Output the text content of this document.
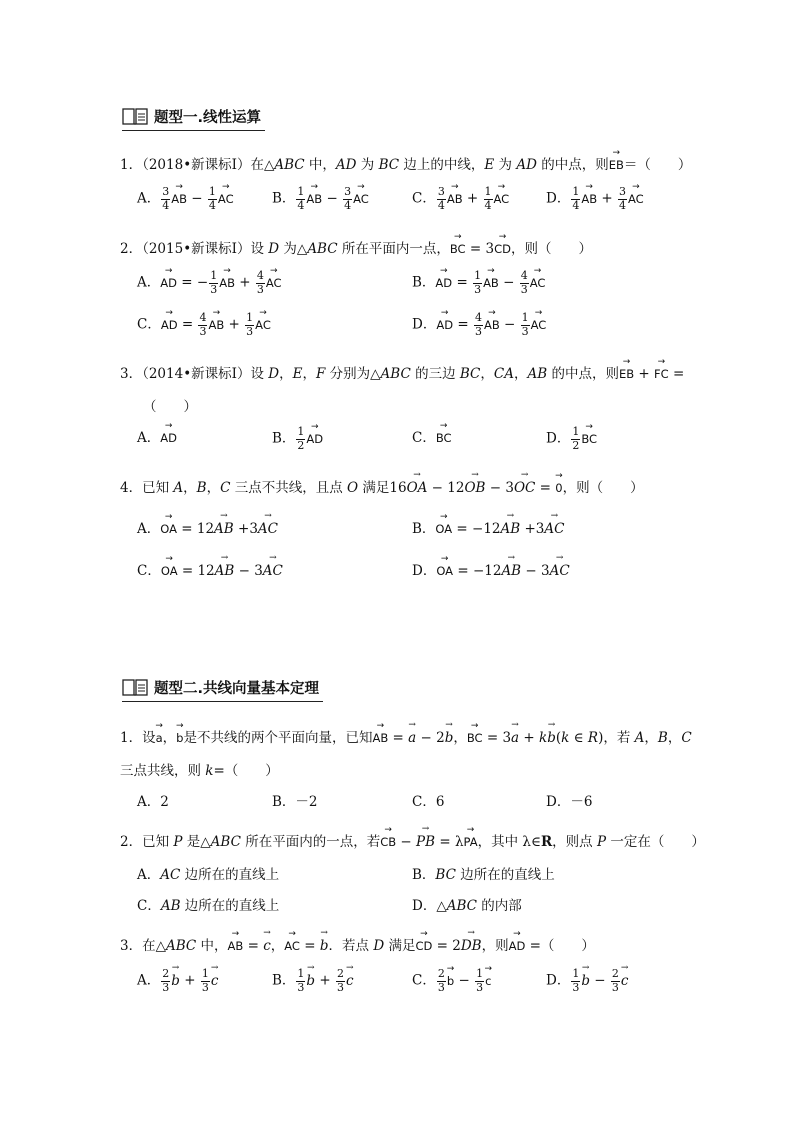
题型一.线性运算
1．（2018•新课标Ⅰ）在△ABC 中，AD 为 BC 边上的中线，E 为 AD 的中点，则→ EB＝（　　）
A． $\frac{3}{4}$
→ AB − $\frac{1}{4}$
→ AC	B． $\frac{1}{4}$
→ AB − $\frac{3}{4}$
→ AC	C． $\frac{3}{4}$
→ AB + $\frac{1}{4}$
→ AC	D． $\frac{1}{4}$
→ AB + $\frac{3}{4}$
→ AC
2．（2015•新课标Ⅰ）设 D 为△ABC 所在平面内一点，→ BC = 3→ CD，则（　　）
A．→ AD = − $\frac{1}{3}$
→ AB + $\frac{4}{3}$
→ AC	B．→ AD = $\frac{1}{3}$
→ AB − $\frac{4}{3}$
→ AC
C．→ AD = $\frac{4}{3}$
→ AB + $\frac{1}{3}$
→ AC	D．→ AD = $\frac{4}{3}$
→ AB − $\frac{1}{3}$
→ AC
3．（2014•新课标Ⅰ）设 D，E，F 分别为△ABC 的三边 BC，CA，AB 的中点，则→ EB + → FC =
（　　）
A．→ AD	B． $\frac{1}{2}$
→ AD	C．→ BC	D． $\frac{1}{2}$
→ BC
4．已知 A，B，C 三点不共线，且点 O 满足16→ OA − 12→ OB − 3→ OC = → 0，则（　　）
A．→ OA = 12→ AB +3→ AC	B．→ OA = −12→ AB +3→ AC
C．→ OA = 12→ AB − 3→ AC	D．→ OA = −12→ AB − 3→ AC
题型二.共线向量基本定理
1．设→ a，→ b是不共线的两个平面向量，已知→ AB = → a − 2→ b，→ BC = 3→ a + k→ b(k ∈ R)，若 A，B，C
三点共线，则 k=（　　）
A．2	B．－2	C．6	D．－6
2．已知 P 是△ABC 所在平面内的一点，若→ CB − → PB = λ→ PA，其中 λ∈R，则点 P 一定在（　　）
A．AC 边所在的直线上	B．BC 边所在的直线上
C．AB 边所在的直线上	D．△ABC 的内部
3．在△ABC 中，→ AB = → c，→ AC = → b．若点 D 满足→ CD = 2→ DB，则→ AD =（　　）
A． $\frac{2}{3}$
→ $b + \frac{1}{3}$
→ c	B． $\frac{1}{3}$
→ $b + \frac{2}{3}$
→ c	C． $\frac{2}{3}$
→ $b - \frac{1}{3}$
→ c	D． $\frac{1}{3}$
→ $b - \frac{2}{3}$
→ c
